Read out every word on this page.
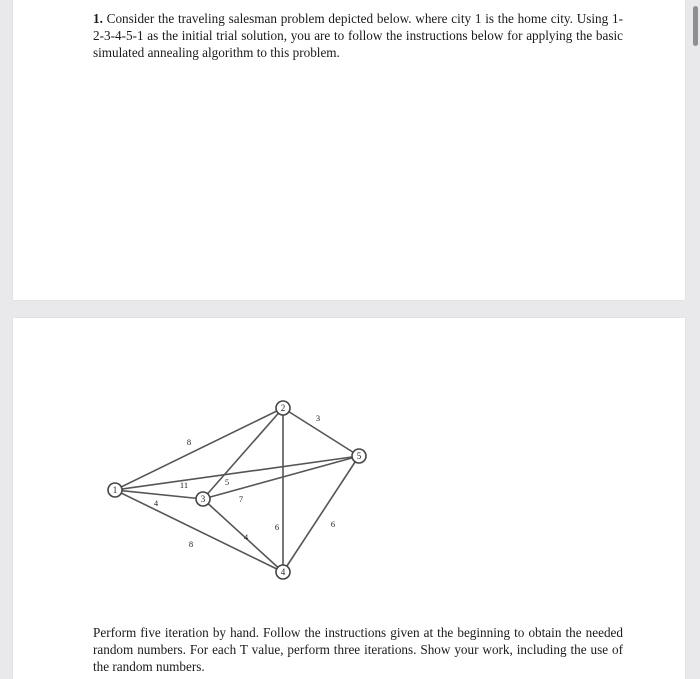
1. Consider the traveling salesman problem depicted below. where city 1 is the home city. Using 1-2-3-4-5-1 as the initial trial solution, you are to follow the instructions below for applying the basic simulated annealing algorithm to this problem.
8
4
8
11	5
6
3
4
7
6
1
2
3
4
5
Perform five iteration by hand. Follow the instructions given at the beginning to obtain the needed random numbers. For each T value, perform three iterations. Show your work, including the use of the random numbers.
